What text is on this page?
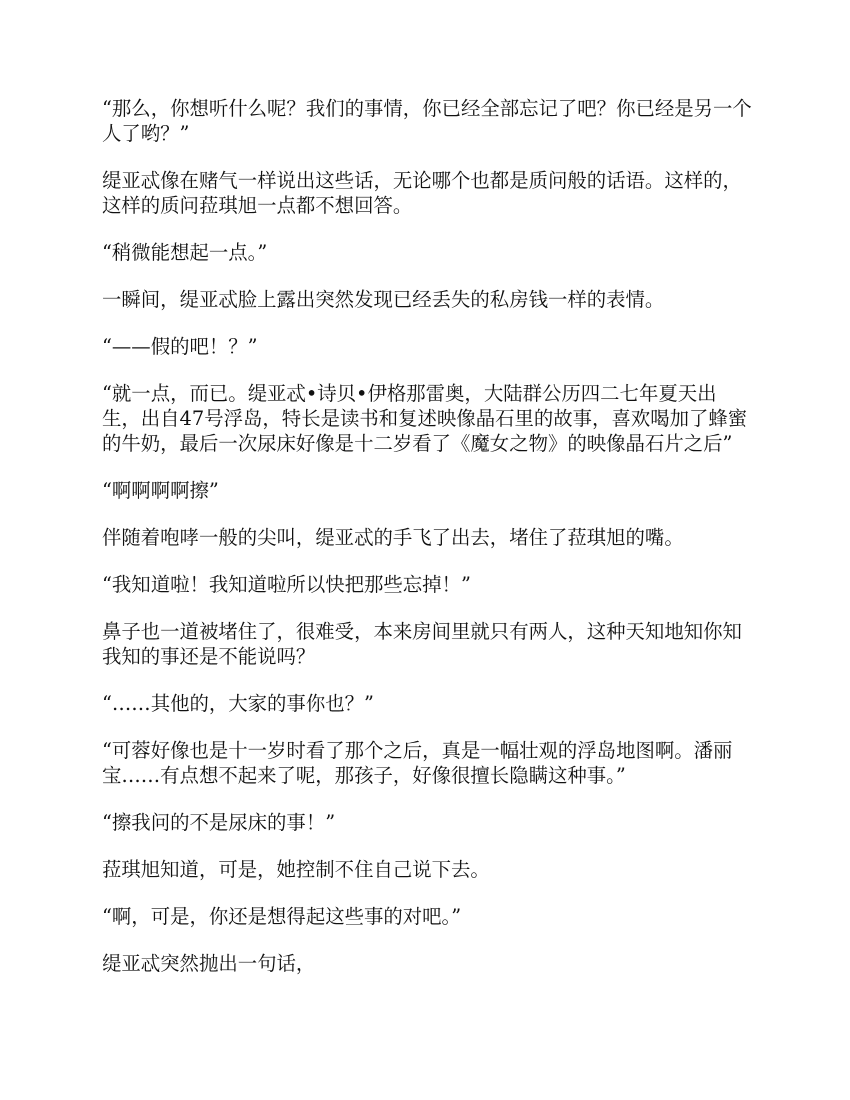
“那么，你想听什么呢？我们的事情，你已经全部忘记了吧？你已经是另一个人了哟？”

缇亚忒像在赌气一样说出这些话，无论哪个也都是质问般的话语。这样的，这样的质问菈琪旭一点都不想回答。

“稍微能想起一点。”

一瞬间，缇亚忒脸上露出突然发现已经丢失的私房钱一样的表情。

“——假的吧！？”

“就一点，而已。缇亚忒•诗贝•伊格那雷奥，大陆群公历四二七年夏天出生，出自47号浮岛，特长是读书和复述映像晶石里的故事，喜欢喝加了蜂蜜的牛奶，最后一次尿床好像是十二岁看了《魔女之物》的映像晶石片之后”

“啊啊啊啊擦”

伴随着咆哮一般的尖叫，缇亚忒的手飞了出去，堵住了菈琪旭的嘴。

“我知道啦！我知道啦所以快把那些忘掉！”

鼻子也一道被堵住了，很难受，本来房间里就只有两人，这种天知地知你知我知的事还是不能说吗？

“……其他的，大家的事你也？”

“可蓉好像也是十一岁时看了那个之后，真是一幅壮观的浮岛地图啊。潘丽宝……有点想不起来了呢，那孩子，好像很擅长隐瞒这种事。”

“擦我问的不是尿床的事！”

菈琪旭知道，可是，她控制不住自己说下去。

“啊，可是，你还是想得起这些事的对吧。”

缇亚忒突然抛出一句话，
